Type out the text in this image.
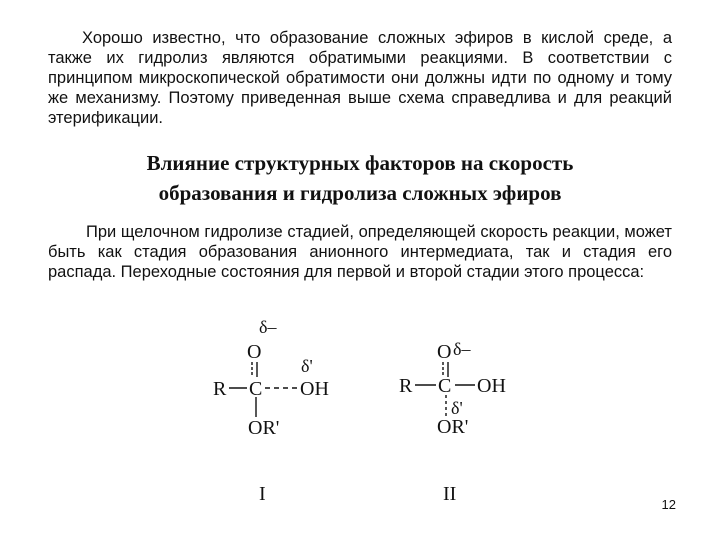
Хорошо известно, что образование сложных эфиров в кислой среде, а также их гидролиз являются обратимыми реакциями. В соответствии с принципом микроскопической обратимости они должны идти по одному и тому же механизму. Поэтому приведенная выше схема справедлива и для реакций этерификации.

Влияние структурных факторов на скорость
образования и гидролиза сложных эфиров

При щелочном гидролизе стадией, определяющей скорость реакции, может быть как стадия образования анионного интермедиата, так и стадия его распада. Переходные состояния для первой и второй стадии этого процесса:

δ–
O
R C
δ'
OH
OR'
I
δ–
O
R C OH
δ'
OR'
II	12
